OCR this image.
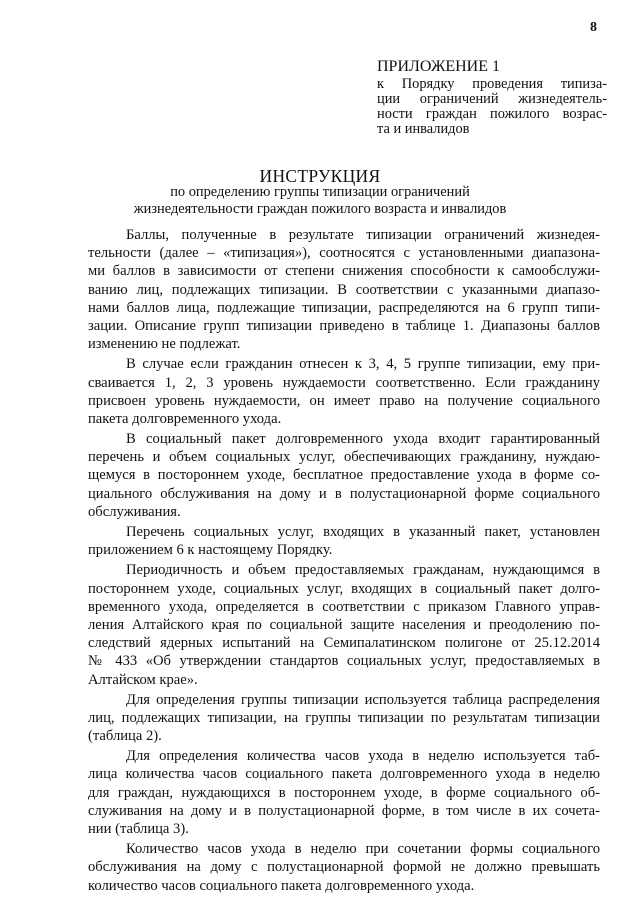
8
ПРИЛОЖЕНИЕ 1
к Порядку проведения типиза-
ции ограничений жизнедеятель-
ности граждан пожилого возрас-
та и инвалидов
ИНСТРУКЦИЯ
по определению группы типизации ограничений
жизнедеятельности граждан пожилого возраста и инвалидов
Баллы, полученные в результате типизации ограничений жизнедея-
тельности (далее – «типизация»), соотносятся с установленными диапазона-
ми баллов в зависимости от степени снижения способности к самообслужи-
ванию лиц, подлежащих типизации. В соответствии с указанными диапазо-
нами баллов лица, подлежащие типизации, распределяются на 6 групп типи-
зации. Описание групп типизации приведено в таблице 1. Диапазоны баллов
изменению не подлежат.
В случае если гражданин отнесен к 3, 4, 5 группе типизации, ему при-
сваивается 1, 2, 3 уровень нуждаемости соответственно. Если гражданину
присвоен уровень нуждаемости, он имеет право на получение социального
пакета долговременного ухода.
В социальный пакет долговременного ухода входит гарантированный
перечень и объем социальных услуг, обеспечивающих гражданину, нуждаю-
щемуся в постороннем уходе, бесплатное предоставление ухода в форме со-
циального обслуживания на дому и в полустационарной форме социального
обслуживания.
Перечень социальных услуг, входящих в указанный пакет, установлен
приложением 6 к настоящему Порядку.
Периодичность и объем предоставляемых гражданам, нуждающимся в
постороннем уходе, социальных услуг, входящих в социальный пакет долго-
временного ухода, определяется в соответствии с приказом Главного управ-
ления Алтайского края по социальной защите населения и преодолению по-
следствий ядерных испытаний на Семипалатинском полигоне от 25.12.2014
№ 433 «Об утверждении стандартов социальных услуг, предоставляемых в
Алтайском крае».
Для определения группы типизации используется таблица распределения
лиц, подлежащих типизации, на группы типизации по результатам типизации
(таблица 2).
Для определения количества часов ухода в неделю используется таб-
лица количества часов социального пакета долговременного ухода в неделю
для граждан, нуждающихся в постороннем уходе, в форме социального об-
служивания на дому и в полустационарной форме, в том числе в их сочета-
нии (таблица 3).
Количество часов ухода в неделю при сочетании формы социального
обслуживания на дому с полустационарной формой не должно превышать
количество часов социального пакета долговременного ухода.
